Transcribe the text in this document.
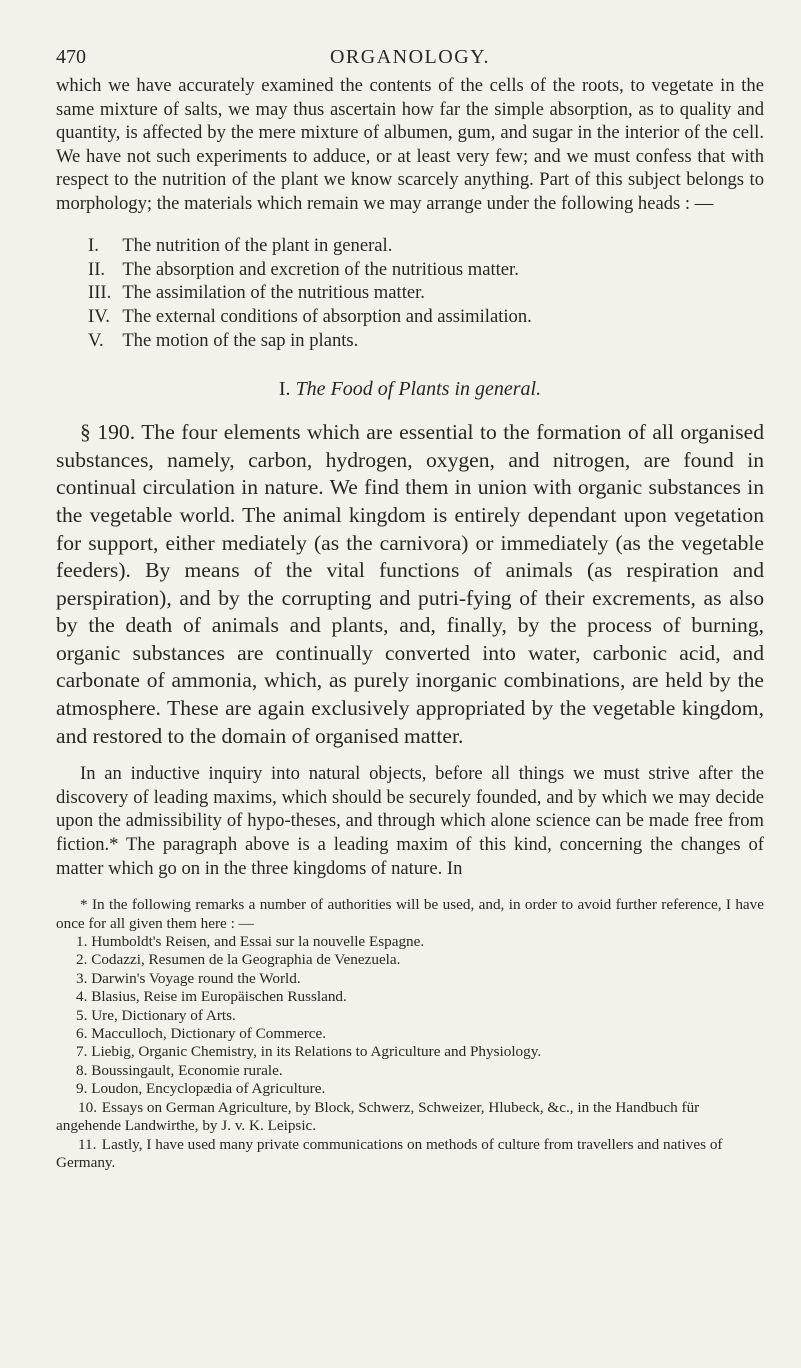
470	ORGANOLOGY.

which we have accurately examined the contents of the cells of the roots, to vegetate in the same mixture of salts, we may thus ascertain how far the simple absorption, as to quality and quantity, is affected by the mere mixture of albumen, gum, and sugar in the interior of the cell. We have not such experiments to adduce, or at least very few; and we must confess that with respect to the nutrition of the plant we know scarcely anything. Part of this subject belongs to morphology; the materials which remain we may arrange under the following heads : —

I. The nutrition of the plant in general.
II. The absorption and excretion of the nutritious matter.
III. The assimilation of the nutritious matter.
IV. The external conditions of absorption and assimilation.
V. The motion of the sap in plants.
I. The Food of Plants in general.

§ 190. The four elements which are essential to the formation of all organised substances, namely, carbon, hydrogen, oxygen, and nitrogen, are found in continual circulation in nature. We find them in union with organic substances in the vegetable world. The animal kingdom is entirely dependant upon vegetation for support, either mediately (as the carnivora) or immediately (as the vegetable feeders). By means of the vital functions of animals (as respiration and perspiration), and by the corrupting and putri-fying of their excrements, as also by the death of animals and plants, and, finally, by the process of burning, organic substances are continually converted into water, carbonic acid, and carbonate of ammonia, which, as purely inorganic combinations, are held by the atmosphere. These are again exclusively appropriated by the vegetable kingdom, and restored to the domain of organised matter.

In an inductive inquiry into natural objects, before all things we must strive after the discovery of leading maxims, which should be securely founded, and by which we may decide upon the admissibility of hypo-theses, and through which alone science can be made free from fiction.* The paragraph above is a leading maxim of this kind, concerning the changes of matter which go on in the three kingdoms of nature. In

* In the following remarks a number of authorities will be used, and, in order to avoid further reference, I have once for all given them here : —

1. Humboldt's Reisen, and Essai sur la nouvelle Espagne.
2. Codazzi, Resumen de la Geographia de Venezuela.
3. Darwin's Voyage round the World.
4. Blasius, Reise im Europäischen Russland.
5. Ure, Dictionary of Arts.
6. Macculloch, Dictionary of Commerce.
7. Liebig, Organic Chemistry, in its Relations to Agriculture and Physiology.
8. Boussingault, Economie rurale.
9. Loudon, Encyclopædia of Agriculture.
10. Essays on German Agriculture, by Block, Schwerz, Schweizer, Hlubeck, &c., in the Handbuch für angehende Landwirthe, by J. v. K. Leipsic.
11. Lastly, I have used many private communications on methods of culture from travellers and natives of Germany.
